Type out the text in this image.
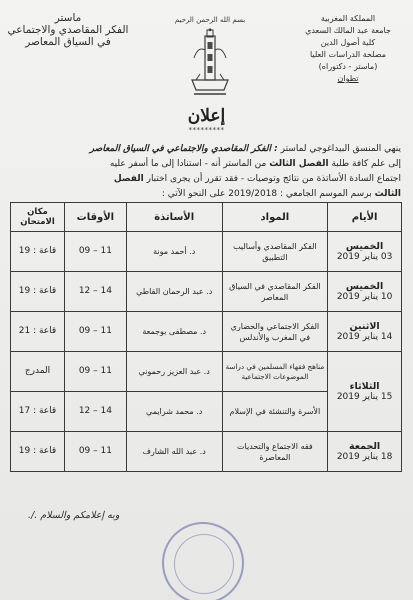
المملكة المغربية
جامعة عبد المالك السعدي
كلية أصول الدين
مصلحة الدراسات العليا
(ماستر - دكتوراه)
تطوان
ماستر
الفكر المقاصدي والاجتماعي
في السياق المعاصر
بسم الله الرحمن الرحيم
إعلان
*********
ينهي المنسق البيداغوجي لماستر : الفكر المقاصدي والاجتماعي في السياق المعاصر
إلى علم كافة طلبة الفصل الثالث من الماستر أنه - استنادا إلى ما أسفر عليه
اجتماع السادة الأساتذة من نتائج وتوصيات - فقد تقرر أن يجرى اختبار الفصل
الثالث برسم الموسم الجامعي : 2019/2018 على النحو الآتي :
الأيام	المواد	الأساتذة	الأوقات	مكان الامتحان

الخميس
03 يناير 2019	الفكر المقاصدي وأساليب التطبيق	د. أحمد مونة	09 – 11	قاعة : 19

الخميس
10 يناير 2019	الفكر المقاصدي في السياق المعاصر	د. عبد الرحمان القاطي	12 – 14	قاعة : 19

الاثنين
14 يناير 2019	الفكر الاجتماعي والحضاري في المغرب والأندلس	د. مصطفى بوجمعة	09 – 11	قاعة : 21

الثلاثاء
15 يناير 2019	مناهج فقهاء المسلمين في دراسة الموضوعات الاجتماعية	د. عبد العزيز رحموني	09 – 11	المدرج
	الأسرة والتنشئة في الإسلام	د. محمد شرايمي	12 – 14	قاعة : 17

الجمعة
18 يناير 2019	فقه الاجتماع والتحديات المعاصرة	د. عبد الله الشارف	09 – 11	قاعة : 19
وبه إعلامكم والسلام ./.
